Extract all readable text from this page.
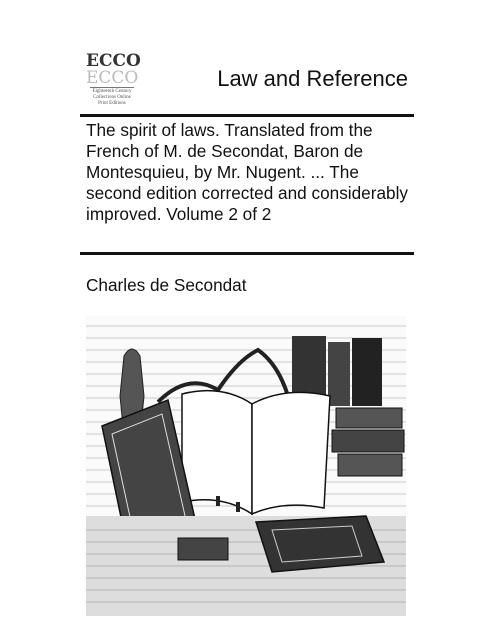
ECCO
ECCO
Eighteenth Century
Collections Online
Print Editions
Law and Reference
The spirit of laws. Translated from the French of M. de Secondat, Baron de Montesquieu, by Mr. Nugent. ... The second edition corrected and considerably improved. Volume 2 of 2
Charles de Secondat
